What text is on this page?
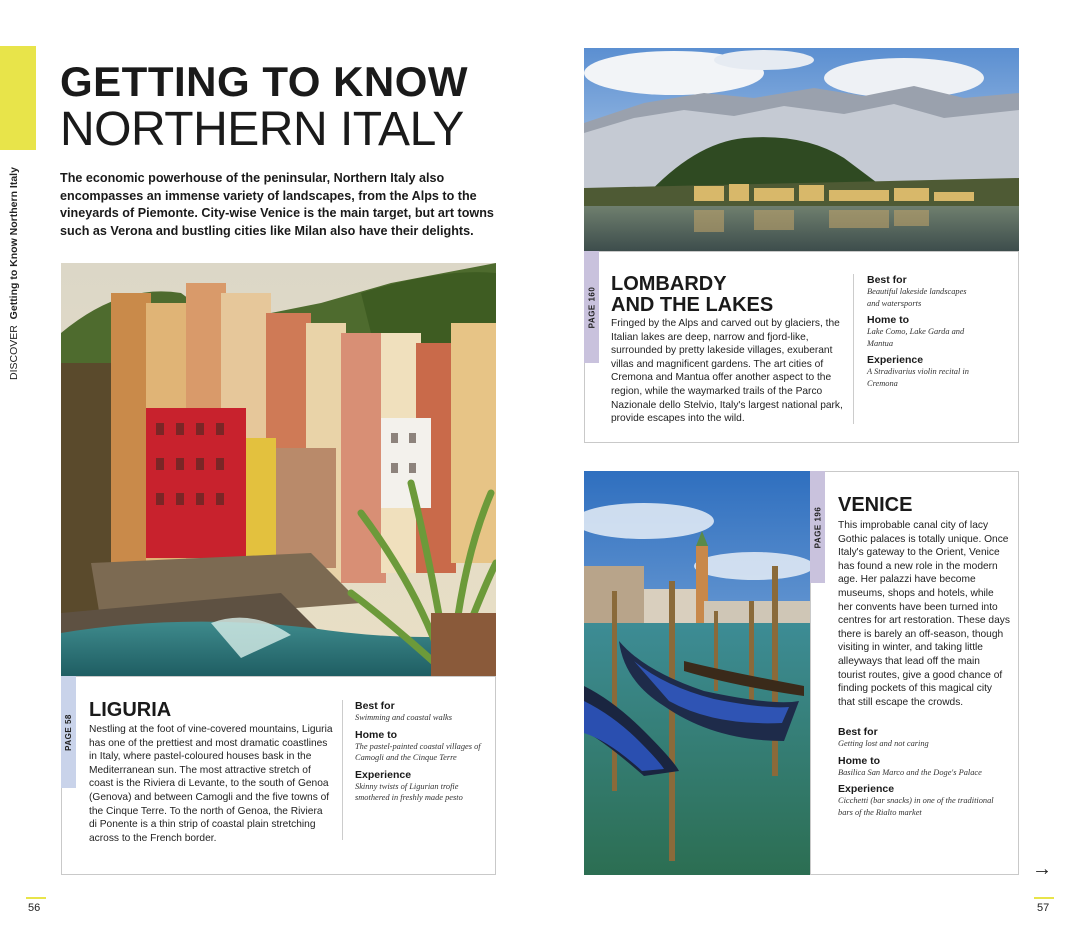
DISCOVER  Getting to Know Northern Italy
GETTING TO KNOW
NORTHERN ITALY
The economic powerhouse of the peninsular, Northern Italy also encompasses an immense variety of landscapes, from the Alps to the vineyards of Piemonte. City-wise Venice is the main target, but art towns such as Verona and bustling cities like Milan also have their delights.
PAGE 58
LIGURIA
Nestling at the foot of vine-covered mountains, Liguria has one of the prettiest and most dramatic coastlines in Italy, where pastel-coloured houses bask in the Mediterranean sun. The most attractive stretch of coast is the Riviera di Levante, to the south of Genoa (Genova) and between Camogli and the five towns of the Cinque Terre. To the north of Genoa, the Riviera di Ponente is a thin strip of coastal plain stretching across to the French border.
Best for
Swimming and coastal walks
Home to
The pastel-painted coastal villages of Camogli and the Cinque Terre
Experience
Skinny twists of Ligurian trofie smothered in freshly made pesto
PAGE 160
LOMBARDY
AND THE LAKES
Fringed by the Alps and carved out by glaciers, the Italian lakes are deep, narrow and fjord-like, surrounded by pretty lakeside villages, exuberant villas and magnificent gardens. The art cities of Cremona and Mantua offer another aspect to the region, while the waymarked trails of the Parco Nazionale dello Stelvio, Italy's largest national park, provide escapes into the wild.
Best for
Beautiful lakeside landscapes and watersports
Home to
Lake Como, Lake Garda and Mantua
Experience
A Stradivarius violin recital in Cremona
PAGE 196
VENICE
This improbable canal city of lacy Gothic palaces is totally unique. Once Italy's gateway to the Orient, Venice has found a new role in the modern age. Her palazzi have become museums, shops and hotels, while her convents have been turned into centres for art restoration. These days there is barely an off-season, though visiting in winter, and taking little alleyways that lead off the main tourist routes, give a good chance of finding pockets of this magical city that still escape the crowds.
Best for
Getting lost and not caring
Home to
Basilica San Marco and the Doge's Palace
Experience
Cicchetti (bar snacks) in one of the traditional bars of the Rialto market
→
56	57
